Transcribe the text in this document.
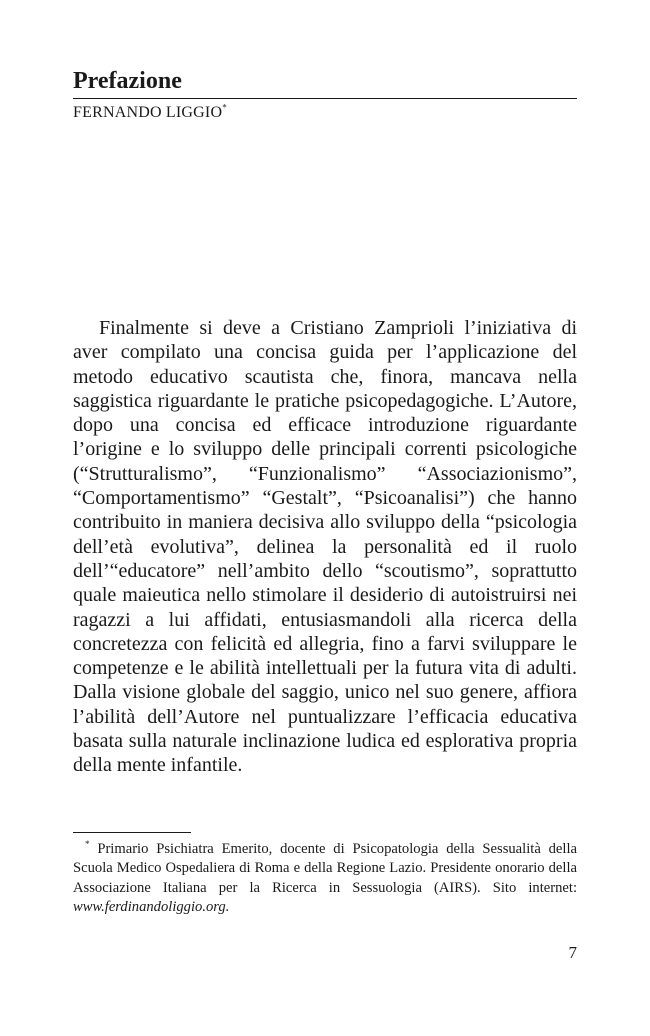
Prefazione
FERNANDO LIGGIO*

Finalmente si deve a Cristiano Zamprioli l’iniziativa di aver compilato una concisa guida per l’applicazione del metodo educativo scautista che, finora, mancava nella saggistica riguardante le pratiche psicopedagogiche. L’Autore, dopo una concisa ed efficace introduzione riguardante l’origine e lo sviluppo delle principali correnti psicologiche (“Strutturalismo”, “Funzionalismo” “Associazionismo”, “Comportamentismo” “Gestalt”, “Psicoanalisi”) che hanno contribuito in maniera decisiva allo sviluppo della “psicologia dell’età evolutiva”, delinea la personalità ed il ruolo dell’“educatore” nell’ambito dello “scoutismo”, soprattutto quale maieutica nello stimolare il desiderio di autoistruirsi nei ragazzi a lui affidati, entusiasmandoli alla ricerca della concretezza con felicità ed allegria, fino a farvi sviluppare le competenze e le abilità intellettuali per la futura vita di adulti. Dalla visione globale del saggio, unico nel suo genere, affiora l’abilità dell’Autore nel puntualizzare l’efficacia educativa basata sulla naturale inclinazione ludica ed esplorativa propria della mente infantile.

* Primario Psichiatra Emerito, docente di Psicopatologia della Sessualità della Scuola Medico Ospedaliera di Roma e della Regione Lazio. Presidente onorario della Associazione Italiana per la Ricerca in Sessuologia (AIRS). Sito internet: www.ferdinandoliggio.org.

7
